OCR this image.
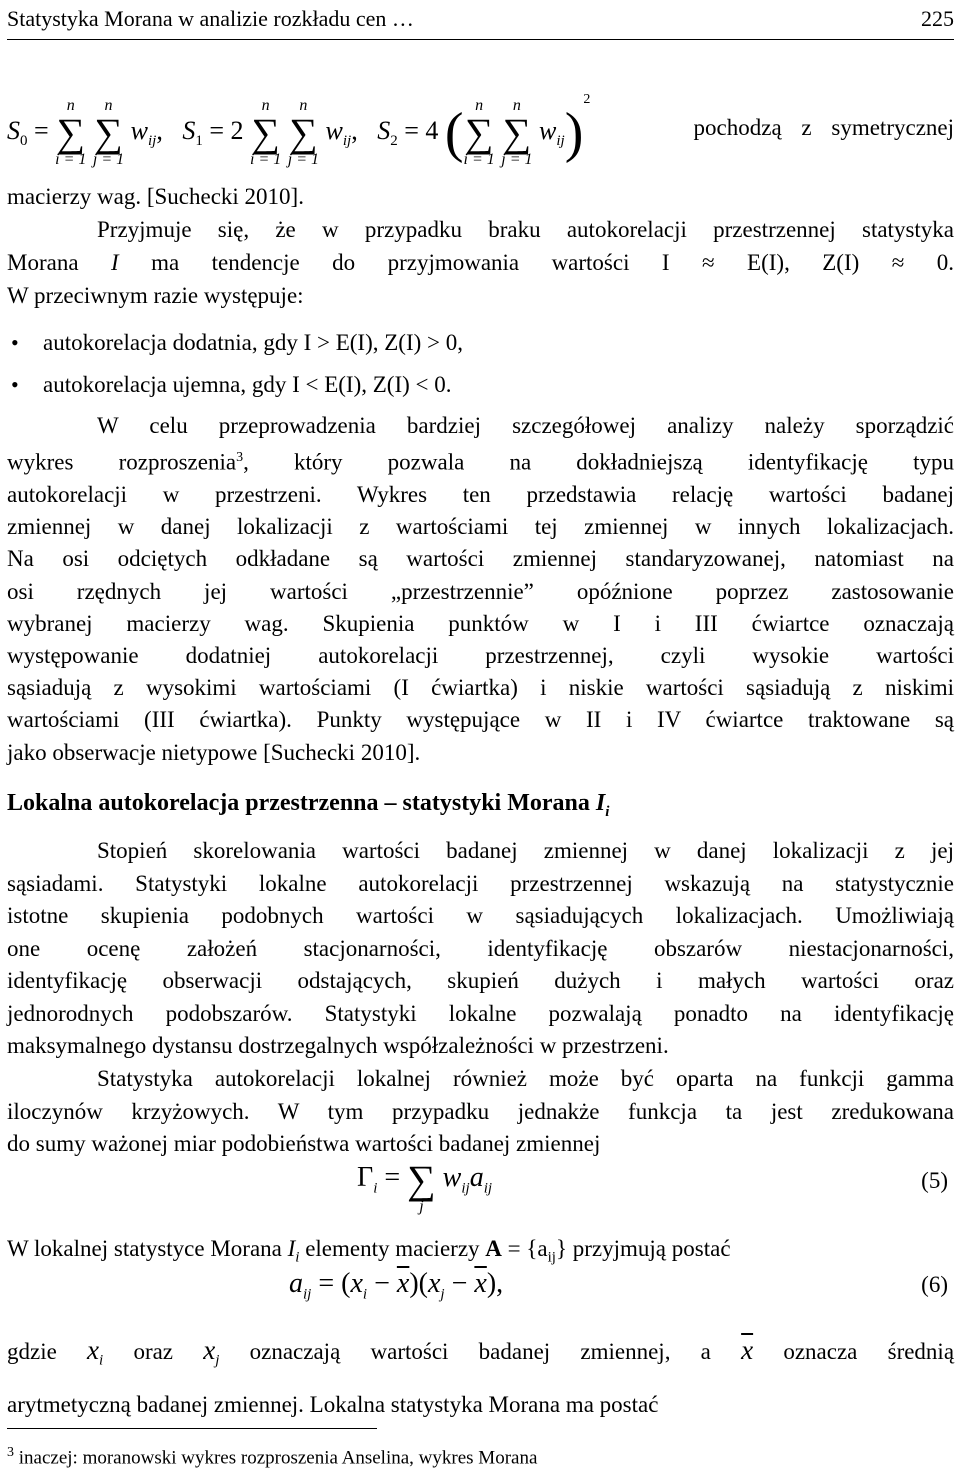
Statystyka Morana w analizie rozkładu cen …	225
$S_0$ =
n
∑
i = 1

n
∑
j = 1
$w_{ij}$, $S_1 = 2$
n
∑
i = 1

n
∑
j = 1
$w_{ij}$, $S_2 = 4$ ( n
∑
i = 1

n
∑
j = 1
$w_{ij})^2$
pochodzą z symetrycznej
macierzy wag. [Suchecki 2010].
Przyjmuje się, że w przypadku braku autokorelacji przestrzennej statystyka
Morana I ma tendencje do przyjmowania wartości I ≈ E(I), Z(I) ≈ 0.
W przeciwnym razie występuje:
• autokorelacja dodatnia, gdy I > E(I), Z(I) > 0,
• autokorelacja ujemna, gdy I < E(I), Z(I) < 0.
W celu przeprowadzenia bardziej szczegółowej analizy należy sporządzić
wykres rozproszenia$^3$, który pozwala na dokładniejszą identyfikację typu
autokorelacji w przestrzeni. Wykres ten przedstawia relację wartości badanej
zmiennej w danej lokalizacji z wartościami tej zmiennej w innych lokalizacjach.
Na osi odciętych odkładane są wartości zmiennej standaryzowanej, natomiast na
osi rzędnych jej wartości „przestrzennie” opóźnione poprzez zastosowanie
wybranej macierzy wag. Skupienia punktów w I i III ćwiartce oznaczają
występowanie dodatniej autokorelacji przestrzennej, czyli wysokie wartości
sąsiadują z wysokimi wartościami (I ćwiartka) i niskie wartości sąsiadują z niskimi
wartościami (III ćwiartka). Punkty występujące w II i IV ćwiartce traktowane są
jako obserwacje nietypowe [Suchecki 2010].
Lokalna autokorelacja przestrzenna – statystyki Morana $I_i$
Stopień skorelowania wartości badanej zmiennej w danej lokalizacji z jej
sąsiadami. Statystyki lokalne autokorelacji przestrzennej wskazują na statystycznie
istotne skupienia podobnych wartości w sąsiadujących lokalizacjach. Umożliwiają
one ocenę założeń stacjonarności, identyfikację obszarów niestacjonarności,
identyfikację obserwacji odstających, skupień dużych i małych wartości oraz
jednorodnych podobszarów. Statystyki lokalne pozwalają ponadto na identyfikację
maksymalnego dystansu dostrzegalnych współzależności w przestrzeni.
Statystyka autokorelacji lokalnej również może być oparta na funkcji gamma
iloczynów krzyżowych. W tym przypadku jednakże funkcja ta jest zredukowana
do sumy ważonej miar podobieństwa wartości badanej zmiennej
$\Gamma_i$ = ∑
j
$w_{ij}a_{ij}$	(5)
W lokalnej statystyce Morana $I_i$ elementy macierzy $A = \{a_{ij}\}$ przyjmują postać
$a_{ij} = (x_i - \overline{x})(x_j - \overline{x})$,	(6)
gdzie $x_i$ oraz $x_j$ oznaczają wartości badanej zmiennej, a $\overline{x}$ oznacza średnią
arytmetyczną badanej zmiennej. Lokalna statystyka Morana ma postać
$^3$ inaczej: moranowski wykres rozproszenia Anselina, wykres Morana
